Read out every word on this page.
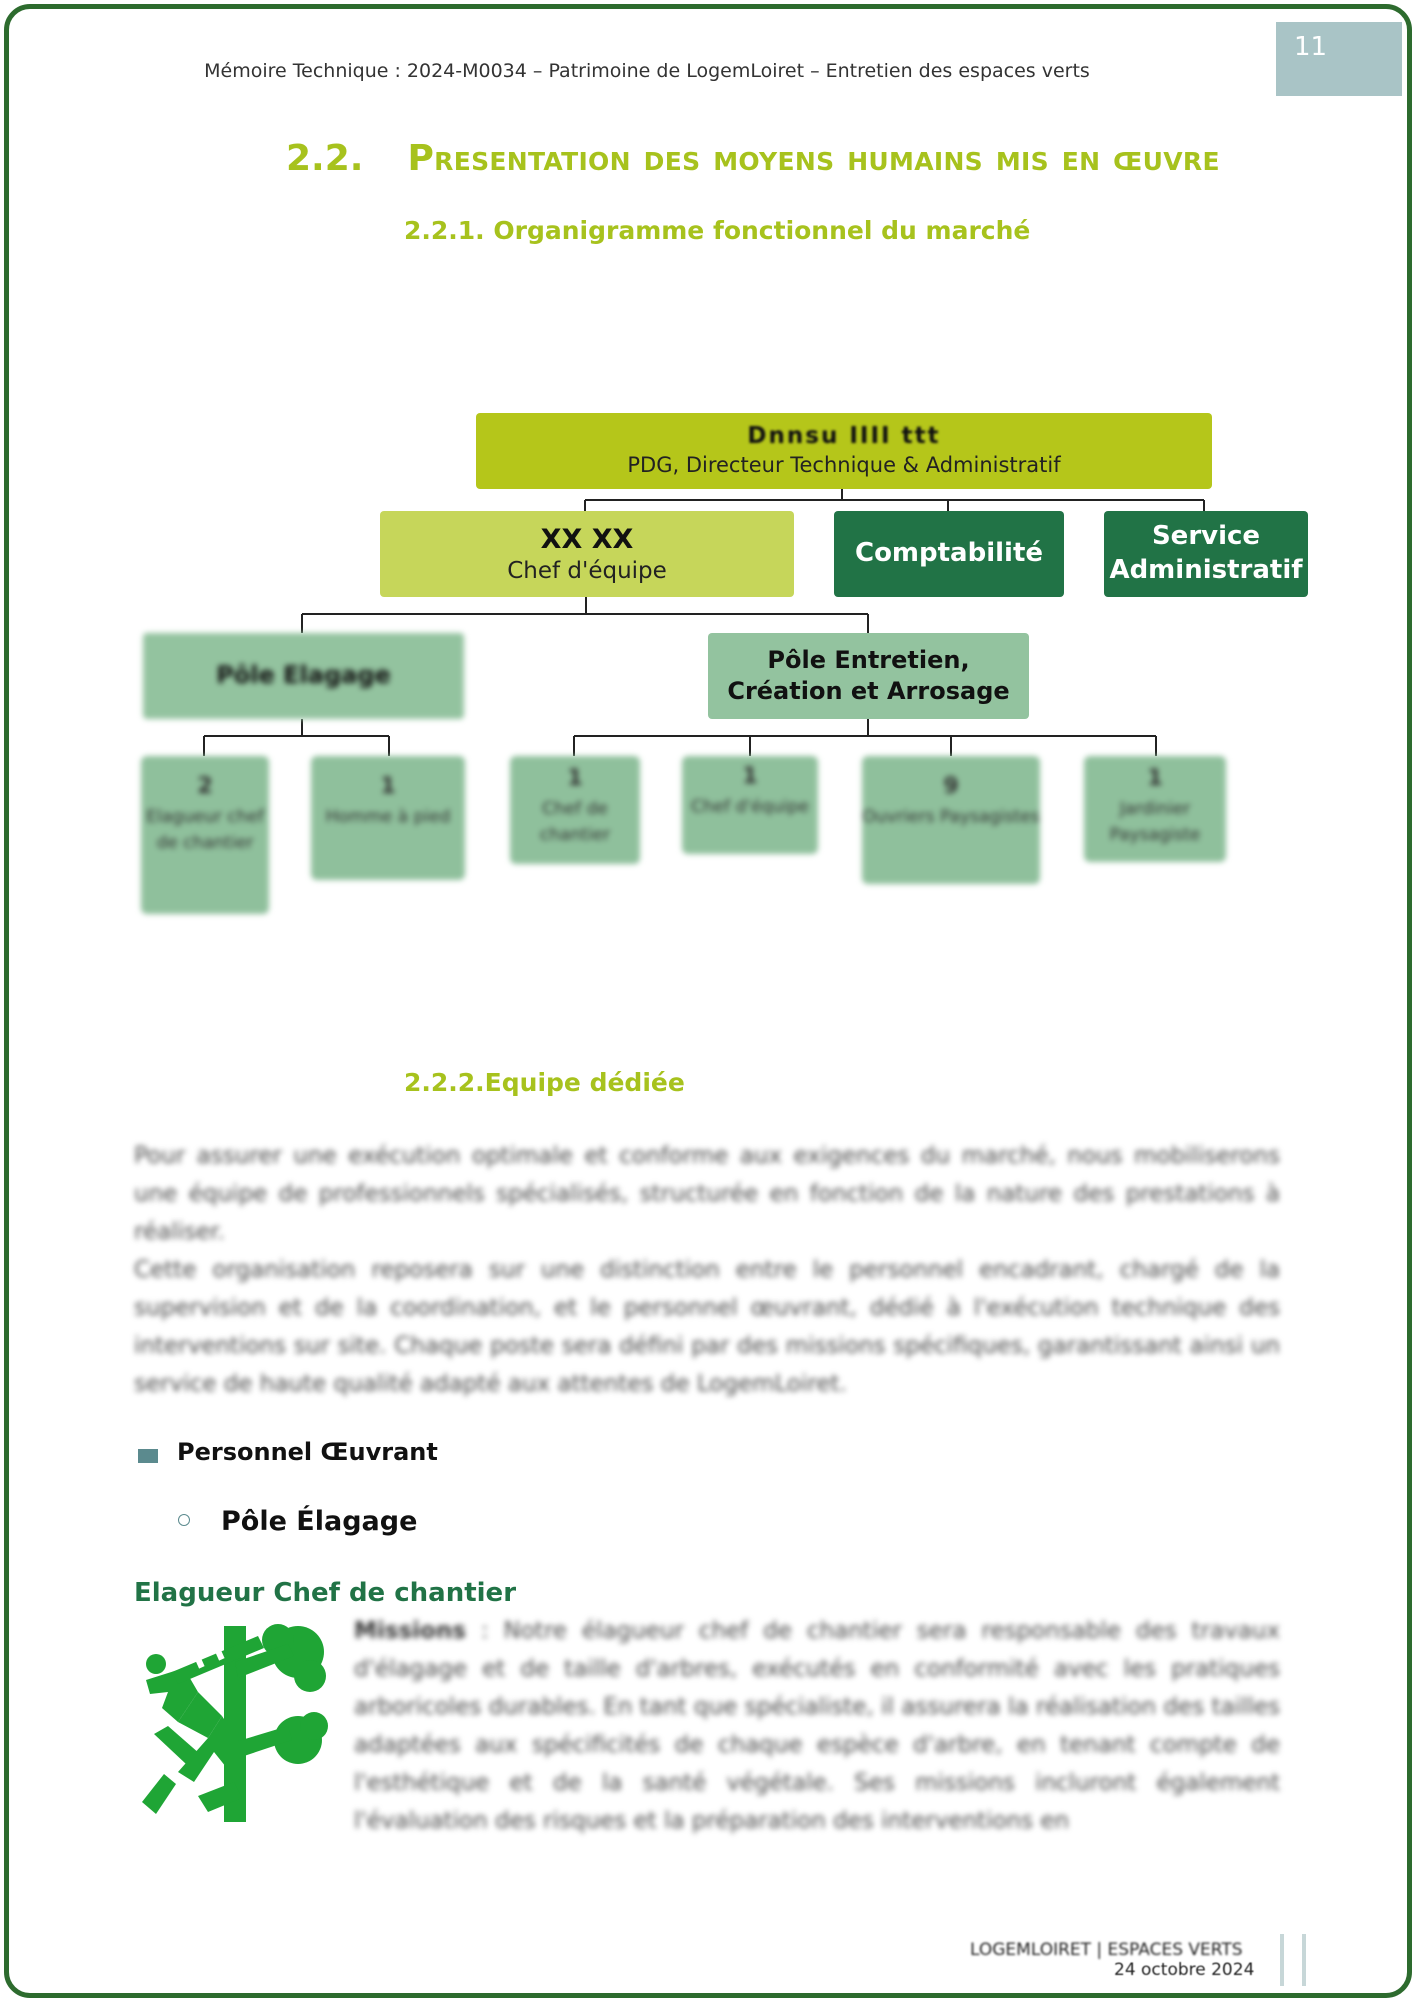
11
Mémoire Technique : 2024-M0034 – Patrimoine de LogemLoiret – Entretien des espaces verts
2.2. Presentation des moyens humains mis en œuvre
2.2.1. Organigramme fonctionnel du marché
Dnnsu IIII ttt
PDG, Directeur Technique & Administratif
XX XX
Chef d'équipe
Comptabilité
Service
Administratif
Pôle Elagage
Pôle Entretien,
Création et Arrosage
2
Elagueur chef de chantier
1
Homme à pied
1
Chef de chantier
1
Chef d'équipe
9
Ouvriers Paysagistes
1
Jardinier Paysagiste
2.2.2.Equipe dédiée
Pour assurer une exécution optimale et conforme aux exigences du marché, nous mobiliserons une équipe de professionnels spécialisés, structurée en fonction de la nature des prestations à réaliser.
Cette organisation reposera sur une distinction entre le personnel encadrant, chargé de la supervision et de la coordination, et le personnel œuvrant, dédié à l'exécution technique des interventions sur site. Chaque poste sera défini par des missions spécifiques, garantissant ainsi un service de haute qualité adapté aux attentes de LogemLoiret.
Personnel Œuvrant
Pôle Élagage
Elagueur Chef de chantier
Missions : Notre élagueur chef de chantier sera responsable des travaux d'élagage et de taille d'arbres, exécutés en conformité avec les pratiques arboricoles durables. En tant que spécialiste, il assurera la réalisation des tailles adaptées aux spécificités de chaque espèce d'arbre, en tenant compte de l'esthétique et de la santé végétale. Ses missions incluront également l'évaluation des risques et la préparation des interventions en
LOGEMLOIRET | ESPACES VERTS
24 octobre 2024
